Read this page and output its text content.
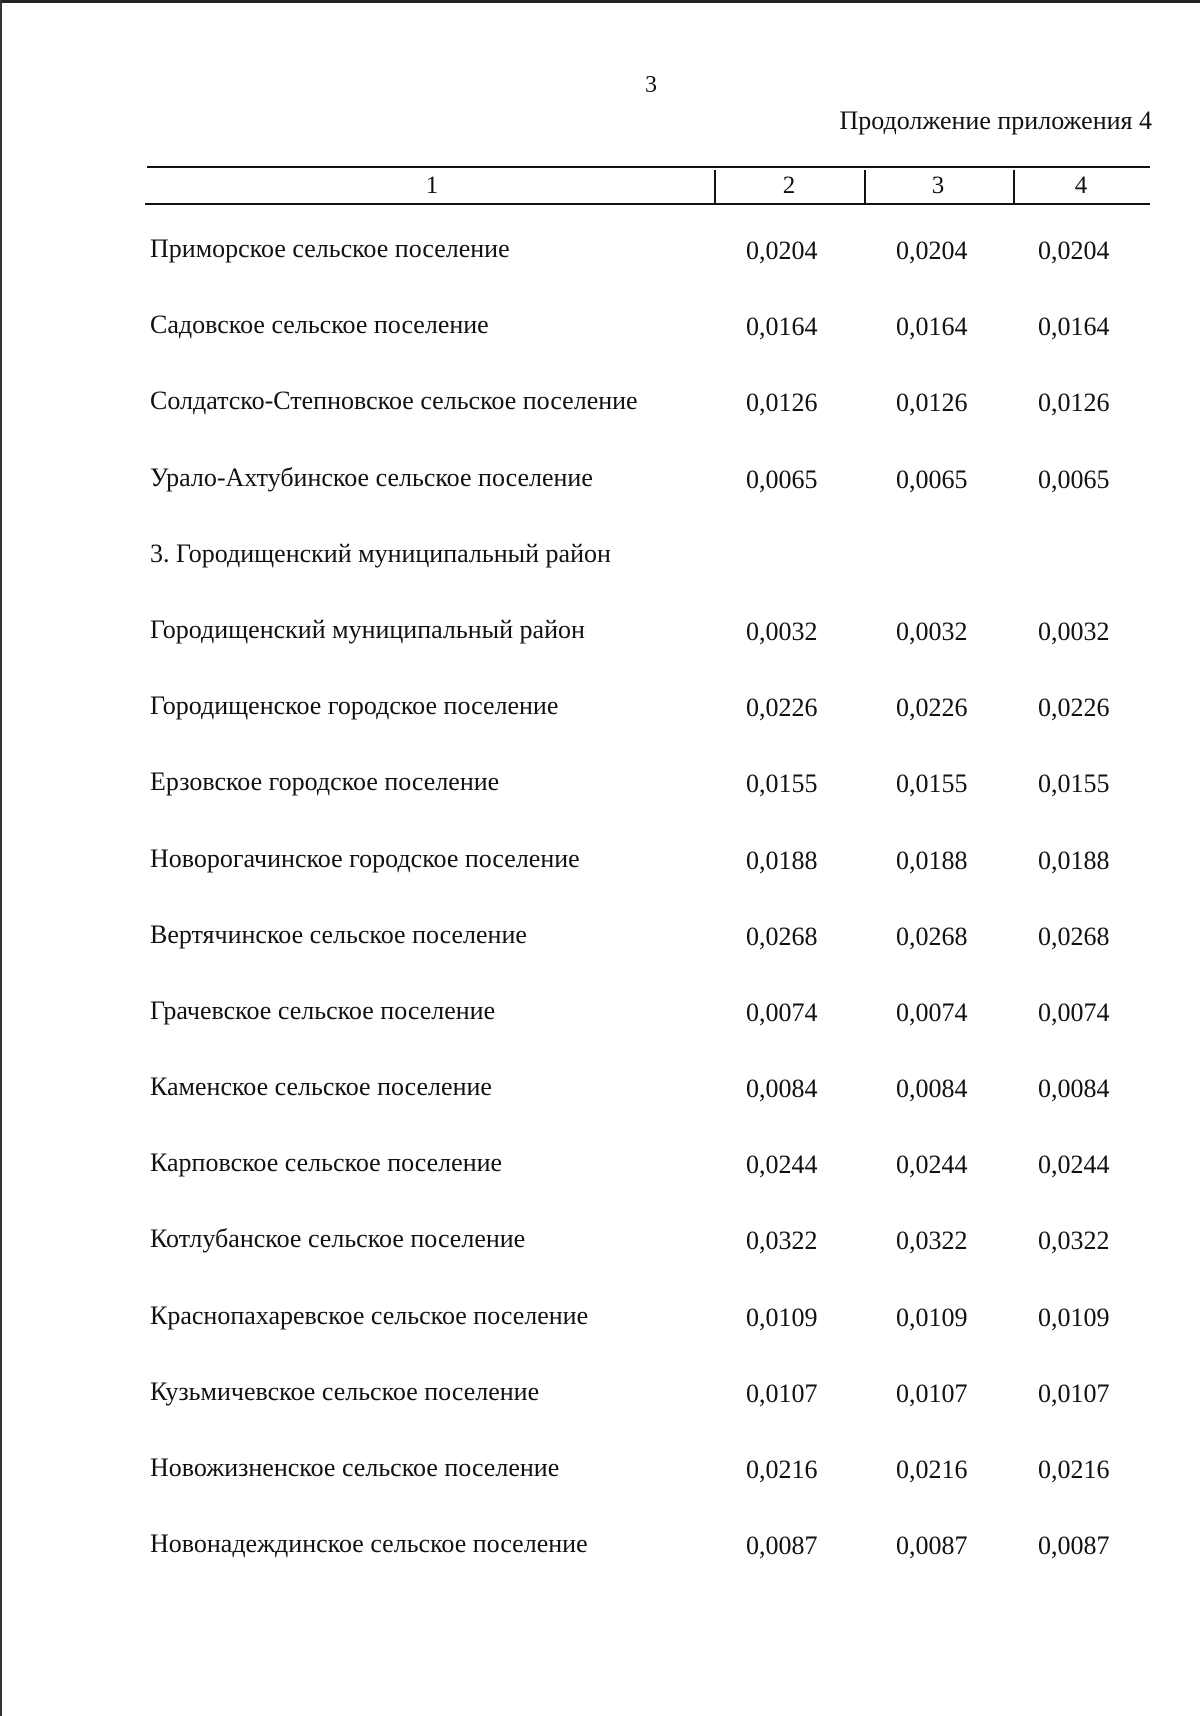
3
Продолжение приложения 4
1	2	3	4
Приморское сельское поселение	0,0204	0,0204	0,0204
Садовское сельское поселение	0,0164	0,0164	0,0164
Солдатско-Степновское сельское поселение	0,0126	0,0126	0,0126
Урало-Ахтубинское сельское поселение	0,0065	0,0065	0,0065
3. Городищенский муниципальный район
Городищенский муниципальный район	0,0032	0,0032	0,0032
Городищенское городское поселение	0,0226	0,0226	0,0226
Ерзовское городское поселение	0,0155	0,0155	0,0155
Новорогачинское городское поселение	0,0188	0,0188	0,0188
Вертячинское сельское поселение	0,0268	0,0268	0,0268
Грачевское сельское поселение	0,0074	0,0074	0,0074
Каменское сельское поселение	0,0084	0,0084	0,0084
Карповское сельское поселение	0,0244	0,0244	0,0244
Котлубанское сельское поселение	0,0322	0,0322	0,0322
Краснопахаревское сельское поселение	0,0109	0,0109	0,0109
Кузьмичевское сельское поселение	0,0107	0,0107	0,0107
Новожизненское сельское поселение	0,0216	0,0216	0,0216
Новонадеждинское сельское поселение	0,0087	0,0087	0,0087
